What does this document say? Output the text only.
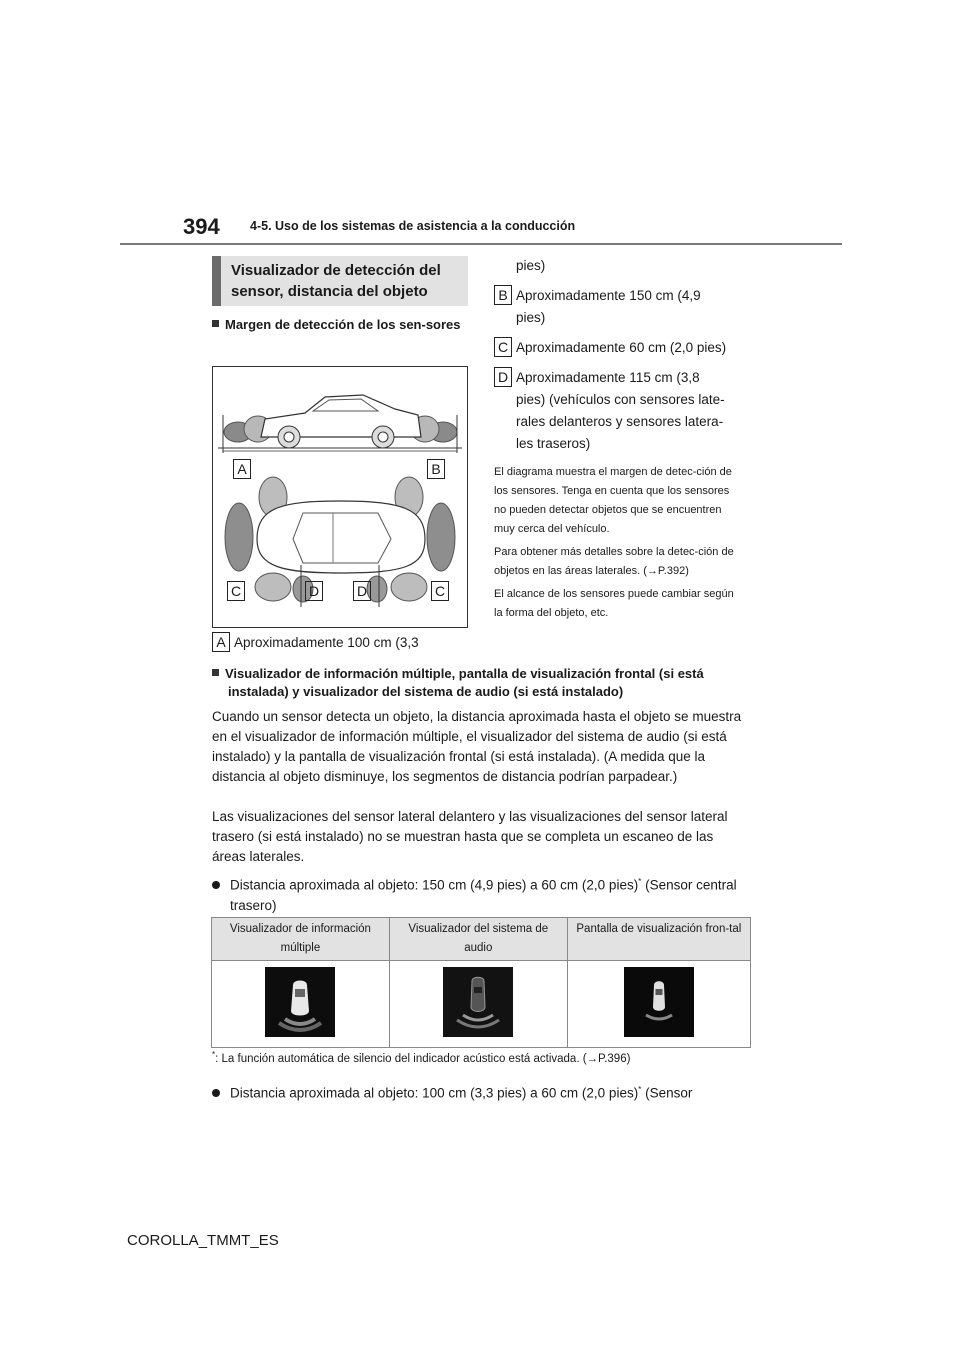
394 4-5. Uso de los sistemas de asistencia a la conducción
Visualizador de detección del
sensor, distancia del objeto
Margen de detección de los sen-sores
A	B
C	D	D	C
A Aproximadamente 100 cm (3,3
pies)
B Aproximadamente 150 cm (4,9
pies)
C Aproximadamente 60 cm (2,0 pies)
D Aproximadamente 115 cm (3,8
pies) (vehículos con sensores late-
rales delanteros y sensores latera-
les traseros)
El diagrama muestra el margen de detec-ción de los sensores. Tenga en cuenta que los sensores no pueden detectar objetos que se encuentren muy cerca del vehículo.
Para obtener más detalles sobre la detec-ción de objetos en las áreas laterales. (→P.392)
El alcance de los sensores puede cambiar según la forma del objeto, etc.
Visualizador de información múltiple, pantalla de visualización frontal (si está instalada) y visualizador del sistema de audio (si está instalado)
Cuando un sensor detecta un objeto, la distancia aproximada hasta el objeto se muestra en el visualizador de información múltiple, el visualizador del sistema de audio (si está instalado) y la pantalla de visualización frontal (si está instalada). (A medida que la distancia al objeto disminuye, los segmentos de distancia podrían parpadear.)
Las visualizaciones del sensor lateral delantero y las visualizaciones del sensor lateral trasero (si está instalado) no se muestran hasta que se completa un escaneo de las áreas laterales.
Distancia aproximada al objeto: 150 cm (4,9 pies) a 60 cm (2,0 pies)* (Sensor central trasero)
Visualizador de información múltiple	Visualizador del sistema de audio	Pantalla de visualización fron-tal

*: La función automática de silencio del indicador acústico está activada. (→P.396)
Distancia aproximada al objeto: 100 cm (3,3 pies) a 60 cm (2,0 pies)* (Sensor
COROLLA_TMMT_ES
